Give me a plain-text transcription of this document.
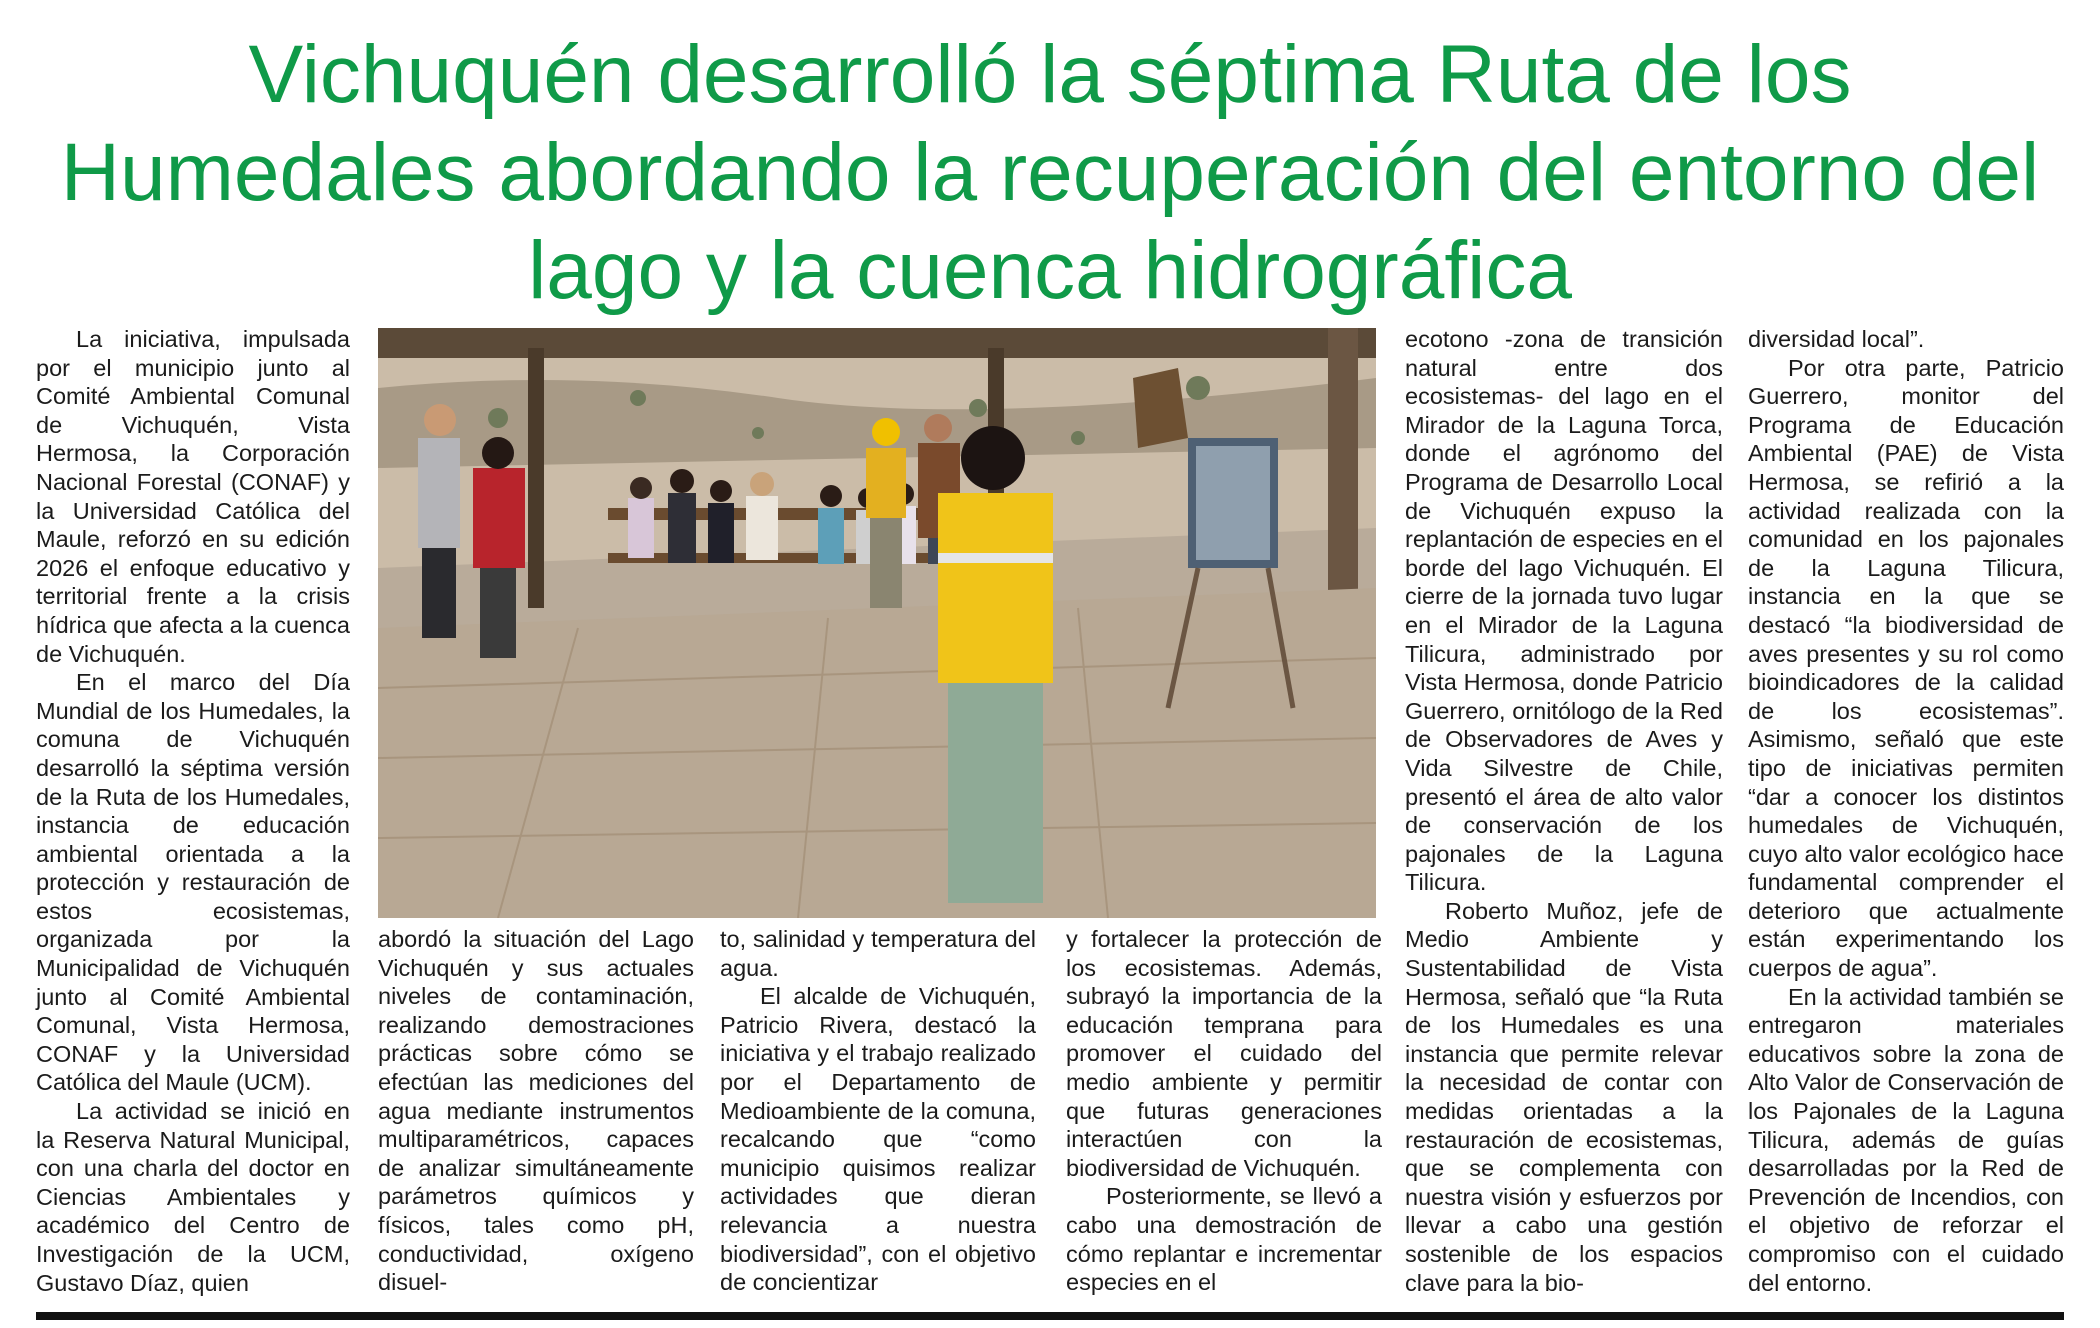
Vichuquén desarrolló la séptima Ruta de los Humedales abordando la recuperación del entorno del lago y la cuenca hidrográfica

La iniciativa, impulsada por el municipio junto al Comité Ambiental Comunal de Vichuquén, Vista Hermosa, la Corporación Nacional Forestal (CONAF) y la Universidad Católica del Maule, reforzó en su edición 2026 el enfoque educativo y territorial frente a la crisis hídrica que afecta a la cuenca de Vichuquén.

En el marco del Día Mundial de los Humedales, la comuna de Vichuquén desarrolló la séptima versión de la Ruta de los Humedales, instancia de educación ambiental orientada a la protección y restauración de estos ecosistemas, organizada por la Municipalidad de Vichuquén junto al Comité Ambiental Comunal, Vista Hermosa, CONAF y la Universidad Católica del Maule (UCM).

La actividad se inició en la Reserva Natural Municipal, con una charla del doctor en Ciencias Ambientales y académico del Centro de Investigación de la UCM, Gustavo Díaz, quien

abordó la situación del Lago Vichuquén y sus actuales niveles de contaminación, realizando demostraciones prácticas sobre cómo se efectúan las mediciones del agua mediante instrumentos multiparamétricos, capaces de analizar simultáneamente parámetros químicos y físicos, tales como pH, conductividad, oxígeno disuel-

to, salinidad y temperatura del agua.

El alcalde de Vichuquén, Patricio Rivera, destacó la iniciativa y el trabajo realizado por el Departamento de Medioambiente de la comuna, recalcando que “como municipio quisimos realizar actividades que dieran relevancia a nuestra biodiversidad”, con el objetivo de concientizar

y fortalecer la protección de los ecosistemas. Además, subrayó la importancia de la educación temprana para promover el cuidado del medio ambiente y permitir que futuras generaciones interactúen con la biodiversidad de Vichuquén.

Posteriormente, se llevó a cabo una demostración de cómo replantar e incrementar especies en el

ecotono -zona de transición natural entre dos ecosistemas- del lago en el Mirador de la Laguna Torca, donde el agrónomo del Programa de Desarrollo Local de Vichuquén expuso la replantación de especies en el borde del lago Vichuquén. El cierre de la jornada tuvo lugar en el Mirador de la Laguna Tilicura, administrado por Vista Hermosa, donde Patricio Guerrero, ornitólogo de la Red de Observadores de Aves y Vida Silvestre de Chile, presentó el área de alto valor de conservación de los pajonales de la Laguna Tilicura.

Roberto Muñoz, jefe de Medio Ambiente y Sustentabilidad de Vista Hermosa, señaló que “la Ruta de los Humedales es una instancia que permite relevar la necesidad de contar con medidas orientadas a la restauración de ecosistemas, que se complementa con nuestra visión y esfuerzos por llevar a cabo una gestión sostenible de los espacios clave para la bio-

diversidad local”.

Por otra parte, Patricio Guerrero, monitor del Programa de Educación Ambiental (PAE) de Vista Hermosa, se refirió a la actividad realizada con la comunidad en los pajonales de la Laguna Tilicura, instancia en la que se destacó “la biodiversidad de aves presentes y su rol como bioindicadores de la calidad de los ecosistemas”. Asimismo, señaló que este tipo de iniciativas permiten “dar a conocer los distintos humedales de Vichuquén, cuyo alto valor ecológico hace fundamental comprender el deterioro que actualmente están experimentando los cuerpos de agua”.

En la actividad también se entregaron materiales educativos sobre la zona de Alto Valor de Conservación de los Pajonales de la Laguna Tilicura, además de guías desarrolladas por la Red de Prevención de Incendios, con el objetivo de reforzar el compromiso con el cuidado del entorno.
